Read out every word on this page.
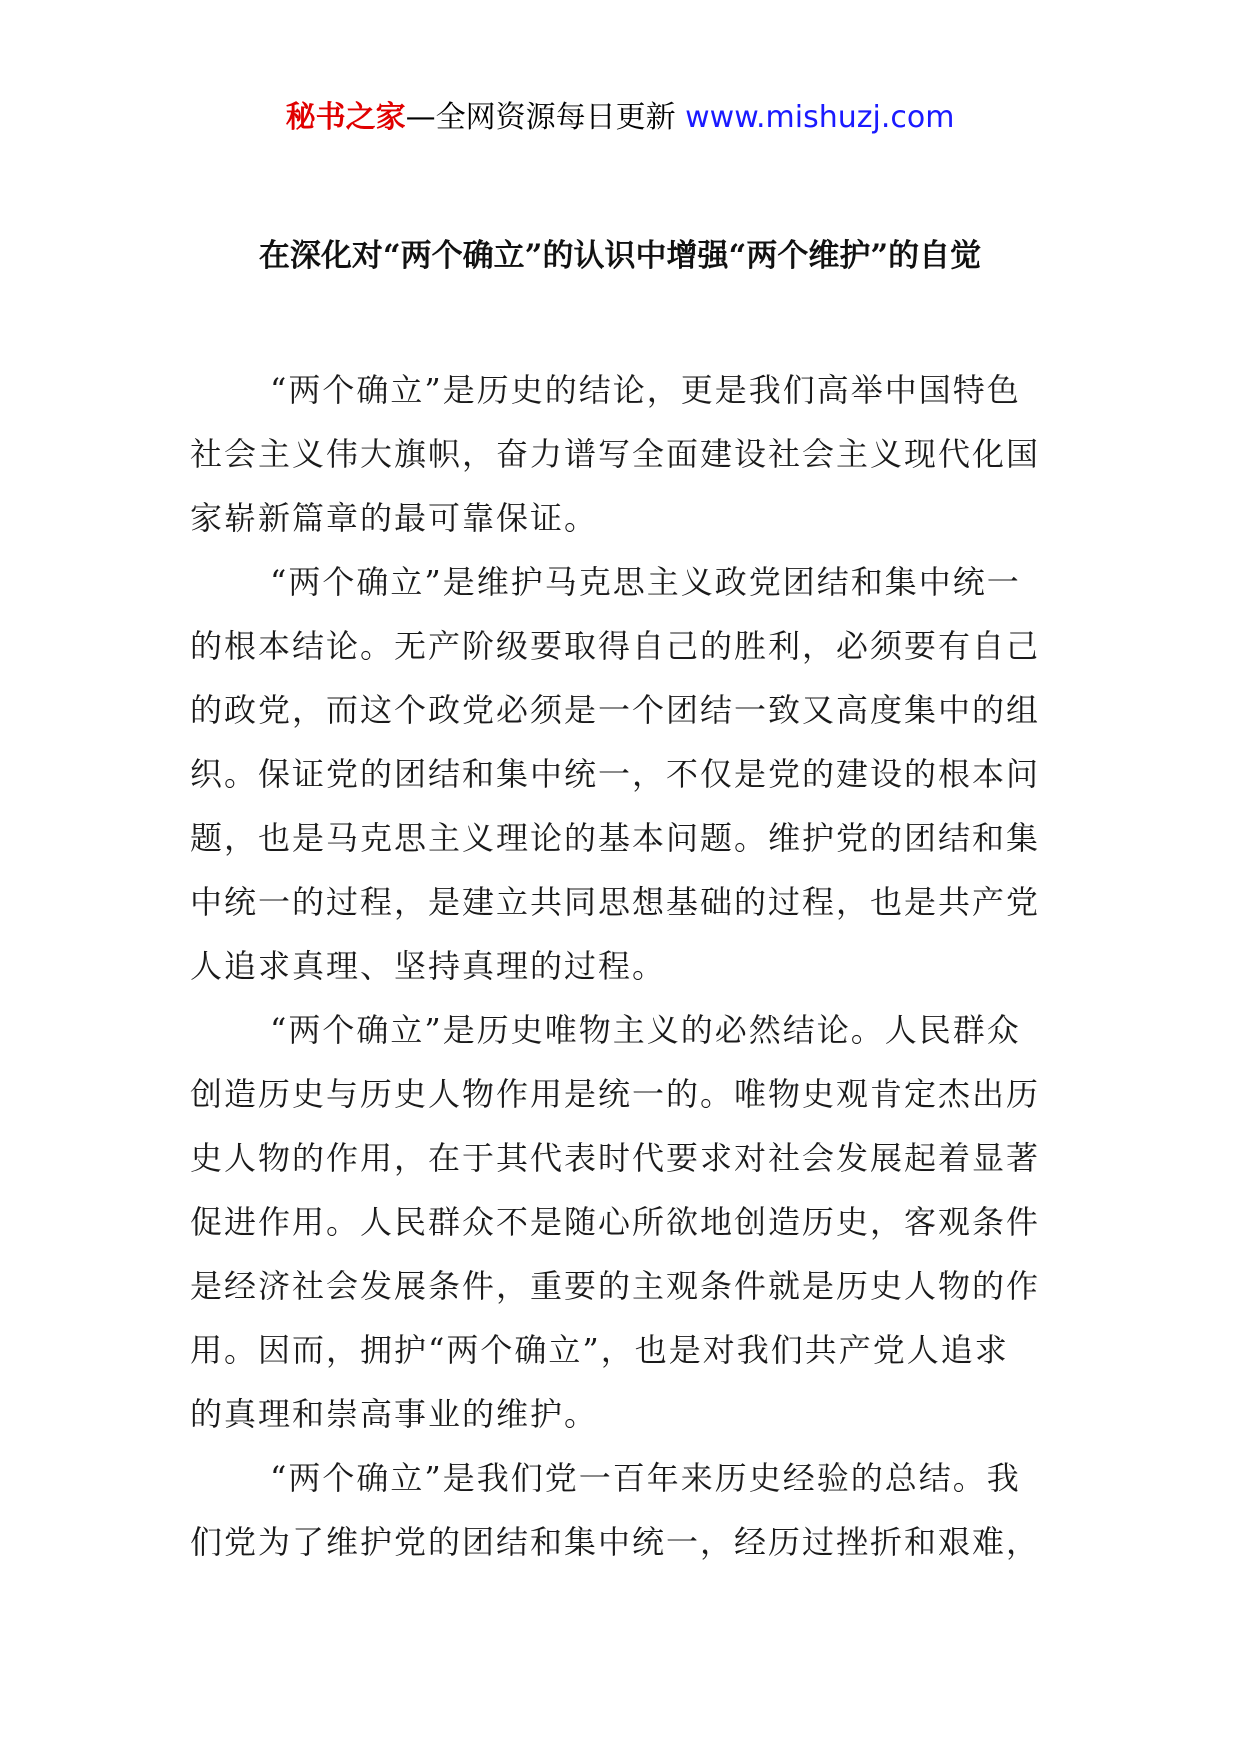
秘书之家—全网资源每日更新 www.mishuzj.com
在深化对“两个确立”的认识中增强“两个维护”的自觉
“两个确立”是历史的结论，更是我们高举中国特色
社会主义伟大旗帜，奋力谱写全面建设社会主义现代化国
家崭新篇章的最可靠保证。
“两个确立”是维护马克思主义政党团结和集中统一
的根本结论。无产阶级要取得自己的胜利，必须要有自己
的政党，而这个政党必须是一个团结一致又高度集中的组
织。保证党的团结和集中统一，不仅是党的建设的根本问
题，也是马克思主义理论的基本问题。维护党的团结和集
中统一的过程，是建立共同思想基础的过程，也是共产党
人追求真理、坚持真理的过程。
“两个确立”是历史唯物主义的必然结论。人民群众
创造历史与历史人物作用是统一的。唯物史观肯定杰出历
史人物的作用，在于其代表时代要求对社会发展起着显著
促进作用。人民群众不是随心所欲地创造历史，客观条件
是经济社会发展条件，重要的主观条件就是历史人物的作
用。因而，拥护“两个确立”，也是对我们共产党人追求
的真理和崇高事业的维护。
“两个确立”是我们党一百年来历史经验的总结。我
们党为了维护党的团结和集中统一，经历过挫折和艰难，
